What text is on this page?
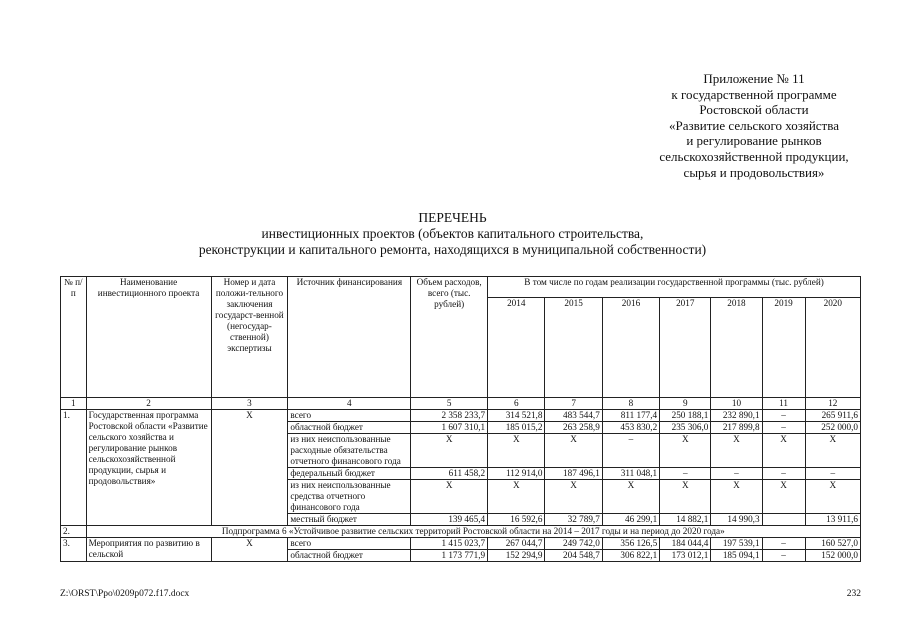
Приложение № 11
к государственной программе
Ростовской области
«Развитие сельского хозяйства
и регулирование рынков
сельскохозяйственной продукции,
сырья и продовольствия»
ПЕРЕЧЕНЬ
инвестиционных проектов (объектов капитального строительства,
реконструкции и капитального ремонта, находящихся в муниципальной собственности)
№ п/п	Наименование инвестиционного проекта	Номер и дата положи-тельного заключения государст-венной (негосудар-ственной) экспертизы	Источник финансирования	Объем расходов, всего (тыс. рублей)	В том числе по годам реализации государственной программы (тыс. рублей)						
					2014	2015	2016	2017	2018	2019	2020
1	2	3	4	5	6	7	8	9	10	11	12
1.	Государственная программа Ростовской области «Развитие сельского хозяйства и регулирование рынков сельскохозяйственной продукции, сырья и продовольствия»	X	всего	2 358 233,7	314 521,8	483 544,7	811 177,4	250 188,1	232 890,1	–	265 911,6
			областной бюджет	1 607 310,1	185 015,2	263 258,9	453 830,2	235 306,0	217 899,8	–	252 000,0
			из них неиспользованные расходные обязательства отчетного финансового года	X	X	X	–	X	X	X	X
			федеральный бюджет	611 458,2	112 914,0	187 496,1	311 048,1	–	–	–	–
			из них неиспользованные средства отчетного финансового года	X	X	X	X	X	X	X	X
			местный бюджет	139 465,4	16 592,6	32 789,7	46 299,1	14 882,1	14 990,3		13 911,6
2.	Подпрограмма 6 «Устойчивое развитие сельских территорий Ростовской области на 2014 – 2017 годы и на период до 2020 года»										
3.	Мероприятия по развитию в сельской	X	всего	1 415 023,7	267 044,7	249 742,0	356 126,5	184 044,4	197 539,1	–	160 527,0
			областной бюджет	1 173 771,9	152 294,9	204 548,7	306 822,1	173 012,1	185 094,1	–	152 000,0
Z:\ORST\Ppo\0209p072.f17.docx	232
